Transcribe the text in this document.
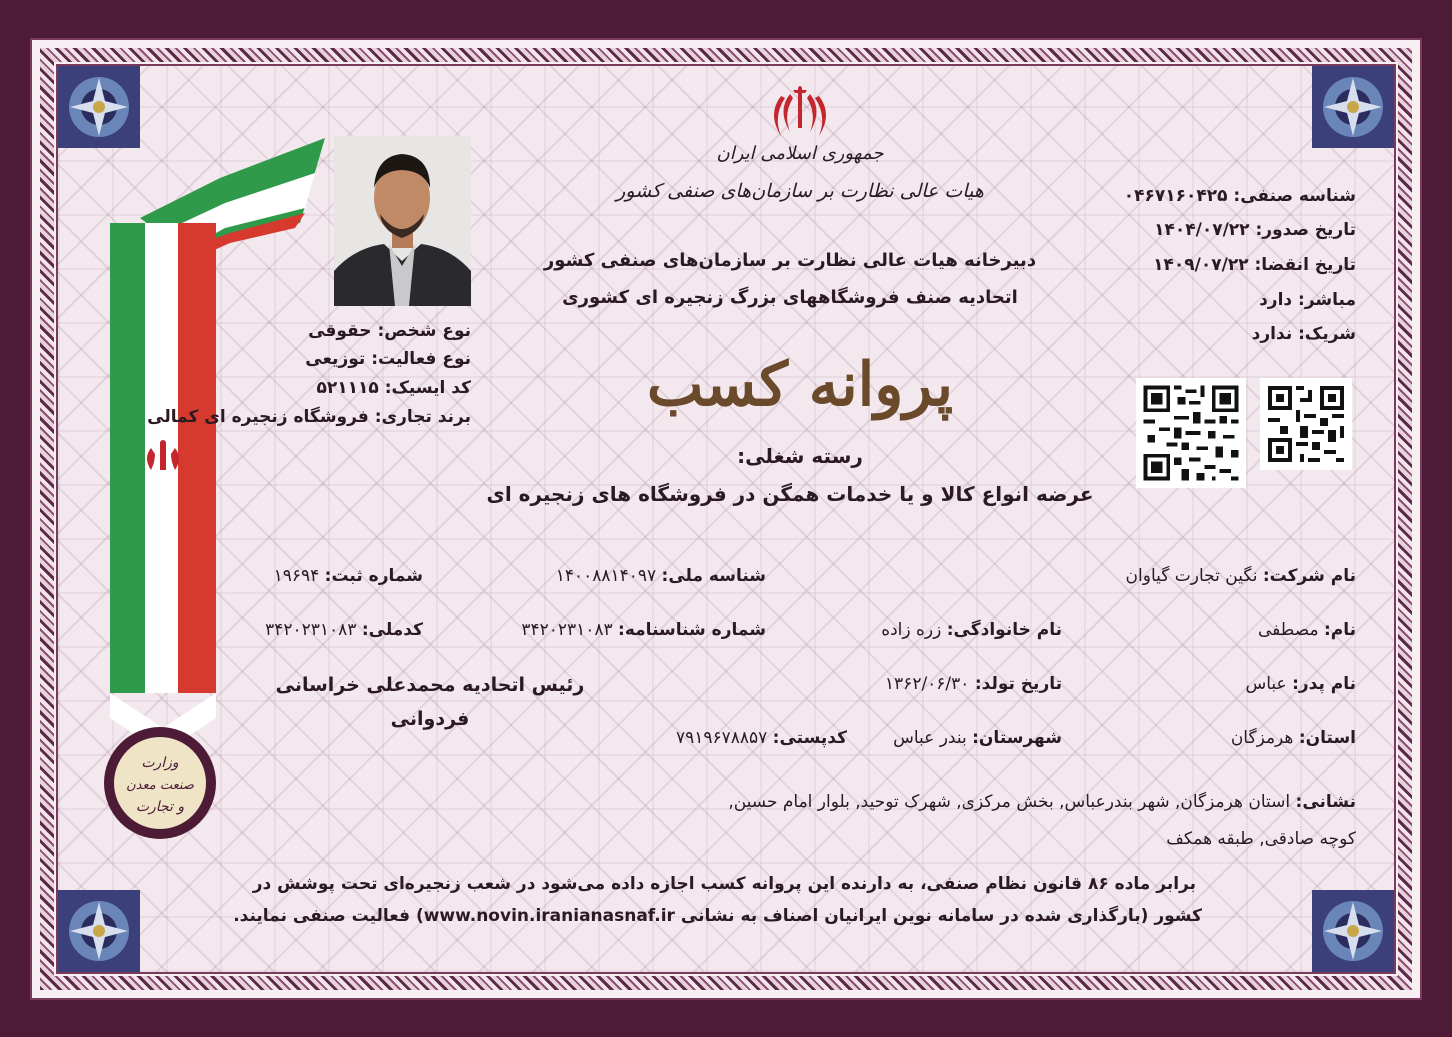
وزارت
صنعت معدن
و تجارت
جمهوری اسلامی ایران
هیات عالی نظارت بر سازمان‌های صنفی کشور
دبیرخانه هیات عالی نظارت بر سازمان‌های صنفی کشور
اتحادیه صنف فروشگاههای بزرگ زنجیره ای کشوری
پروانه کسب
رسته شغلی:
عرضه انواع کالا و یا خدمات همگن در فروشگاه های زنجیره ای
شناسه صنفی: ۰۴۶۷۱۶۰۴۲۵
تاریخ صدور: ۱۴۰۴/۰۷/۲۲
تاریخ انقضا: ۱۴۰۹/۰۷/۲۲
مباشر: دارد
شریک: ندارد
نوع شخص: حقوقی
نوع فعالیت: توزیعی
کد ایسیک: ۵۲۱۱۱۵
برند تجاری: فروشگاه زنجیره ای کمالی
نام شرکت: نگین تجارت گیاوان
شناسه ملی: ۱۴۰۰۸۸۱۴۰۹۷
شماره ثبت: ۱۹۶۹۴
نام: مصطفی
نام خانوادگی: زره زاده
شماره شناسنامه: ۳۴۲۰۲۳۱۰۸۳
کدملی: ۳۴۲۰۲۳۱۰۸۳
نام پدر: عباس
تاریخ تولد: ۱۳۶۲/۰۶/۳۰
رئیس اتحادیه محمدعلی خراسانی
فردوانی
استان: هرمزگان
شهرستان: بندر عباس
کدپستی: ۷۹۱۹۶۷۸۸۵۷
نشانی: استان هرمزگان, شهر بندرعباس, بخش مرکزی, شهرک توحید, بلوار امام حسین,
کوچه صادقی, طبقه همکف
برابر ماده ۸۶ قانون نظام صنفی، به دارنده این پروانه کسب اجازه داده می‌شود در شعب زنجیره‌ای تحت پوشش در
کشور (بارگذاری شده در سامانه نوین ایرانیان اصناف به نشانی www.novin.iranianasnaf.ir) فعالیت صنفی نمایند.
